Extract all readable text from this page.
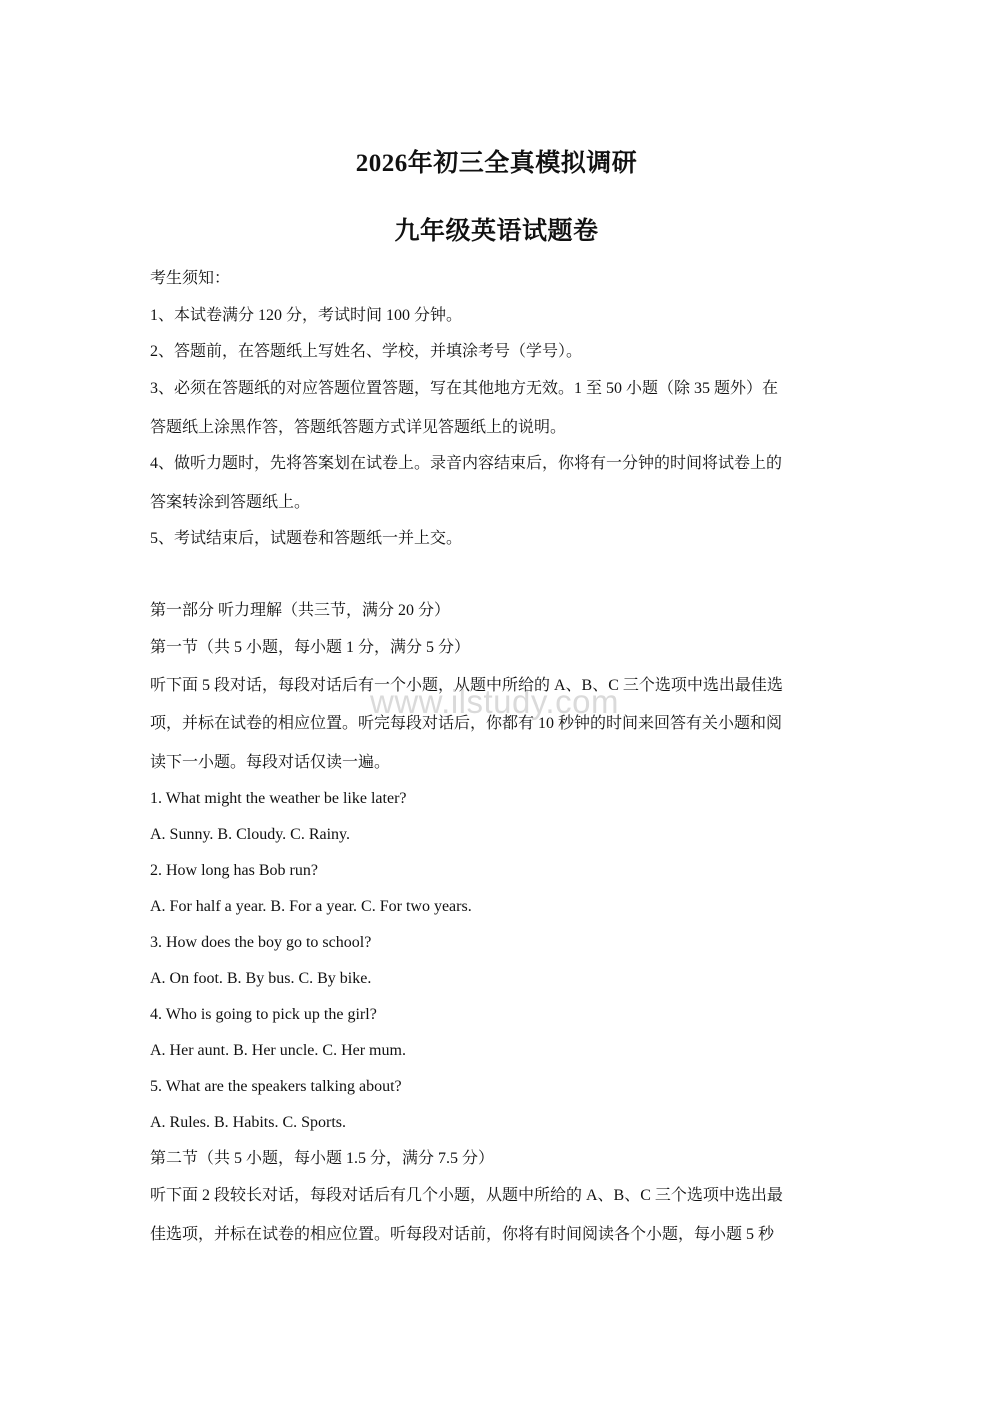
2026年初三全真模拟调研
九年级英语试题卷
考生须知：
1、本试卷满分 120 分，考试时间 100 分钟。
2、答题前，在答题纸上写姓名、学校，并填涂考号（学号）。
3、必须在答题纸的对应答题位置答题，写在其他地方无效。1 至 50 小题（除 35 题外）在
答题纸上涂黑作答，答题纸答题方式详见答题纸上的说明。
4、做听力题时，先将答案划在试卷上。录音内容结束后，你将有一分钟的时间将试卷上的
答案转涂到答题纸上。
5、考试结束后，试题卷和答题纸一并上交。
第一部分 听力理解（共三节，满分 20 分）
第一节（共 5 小题，每小题 1 分，满分 5 分）
听下面 5 段对话，每段对话后有一个小题，从题中所给的 A、B、C 三个选项中选出最佳选
项，并标在试卷的相应位置。听完每段对话后，你都有 10 秒钟的时间来回答有关小题和阅
读下一小题。每段对话仅读一遍。
1. What might the weather be like later?
A. Sunny. B. Cloudy. C. Rainy.
2. How long has Bob run?
A. For half a year. B. For a year. C. For two years.
3. How does the boy go to school?
A. On foot. B. By bus. C. By bike.
4. Who is going to pick up the girl?
A. Her aunt. B. Her uncle. C. Her mum.
5. What are the speakers talking about?
A. Rules. B. Habits. C. Sports.
第二节（共 5 小题，每小题 1.5 分，满分 7.5 分）
听下面 2 段较长对话，每段对话后有几个小题，从题中所给的 A、B、C 三个选项中选出最
佳选项，并标在试卷的相应位置。听每段对话前，你将有时间阅读各个小题，每小题 5 秒
www.ilstudy.com
